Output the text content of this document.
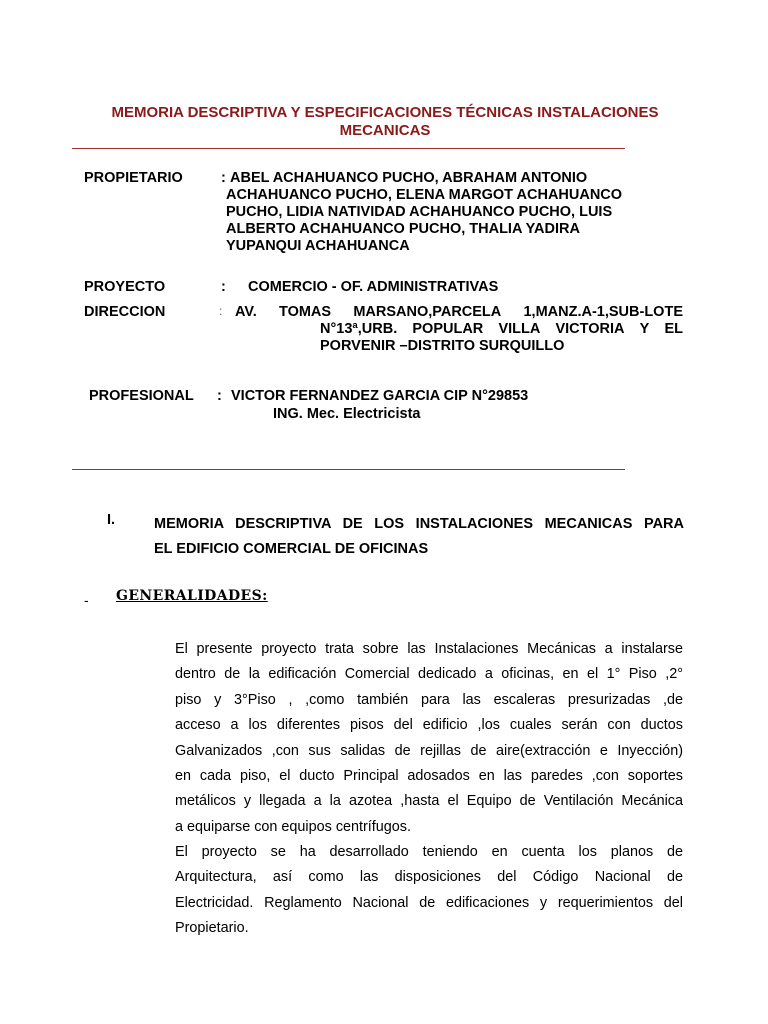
MEMORIA DESCRIPTIVA Y ESPECIFICACIONES TÉCNICAS INSTALACIONES
MECANICAS
PROPIETARIO	: ABEL ACHAHUANCO PUCHO, ABRAHAM ANTONIO
ACHAHUANCO PUCHO, ELENA MARGOT ACHAHUANCO
PUCHO, LIDIA NATIVIDAD ACHAHUANCO PUCHO, LUIS
ALBERTO ACHAHUANCO PUCHO, THALIA YADIRA
YUPANQUI ACHAHUANCA
PROYECTO	: COMERCIO - OF. ADMINISTRATIVAS
DIRECCION	: AV. TOMAS MARSANO,PARCELA 1,MANZ.A-1,SUB-LOTE
N°13ª,URB. POPULAR VILLA VICTORIA Y EL
PORVENIR –DISTRITO SURQUILLO
PROFESIONAL : VICTOR FERNANDEZ GARCIA CIP N°29853
ING. Mec. Electricista
I.	MEMORIA DESCRIPTIVA DE LOS INSTALACIONES MECANICAS PARA
EL EDIFICIO COMERCIAL DE OFICINAS
- GENERALIDADES:
El presente proyecto trata sobre las Instalaciones Mecánicas a instalarse
dentro de la edificación Comercial dedicado a oficinas, en el 1° Piso ,2°
piso y 3°Piso , ,como también para las escaleras presurizadas ,de
acceso a los diferentes pisos del edificio ,los cuales serán con ductos
Galvanizados ,con sus salidas de rejillas de aire(extracción e Inyección)
en cada piso, el ducto Principal adosados en las paredes ,con soportes
metálicos y llegada a la azotea ,hasta el Equipo de Ventilación Mecánica
a equiparse con equipos centrífugos.
El proyecto se ha desarrollado teniendo en cuenta los planos de
Arquitectura, así como las disposiciones del Código Nacional de
Electricidad. Reglamento Nacional de edificaciones y requerimientos del
Propietario.
